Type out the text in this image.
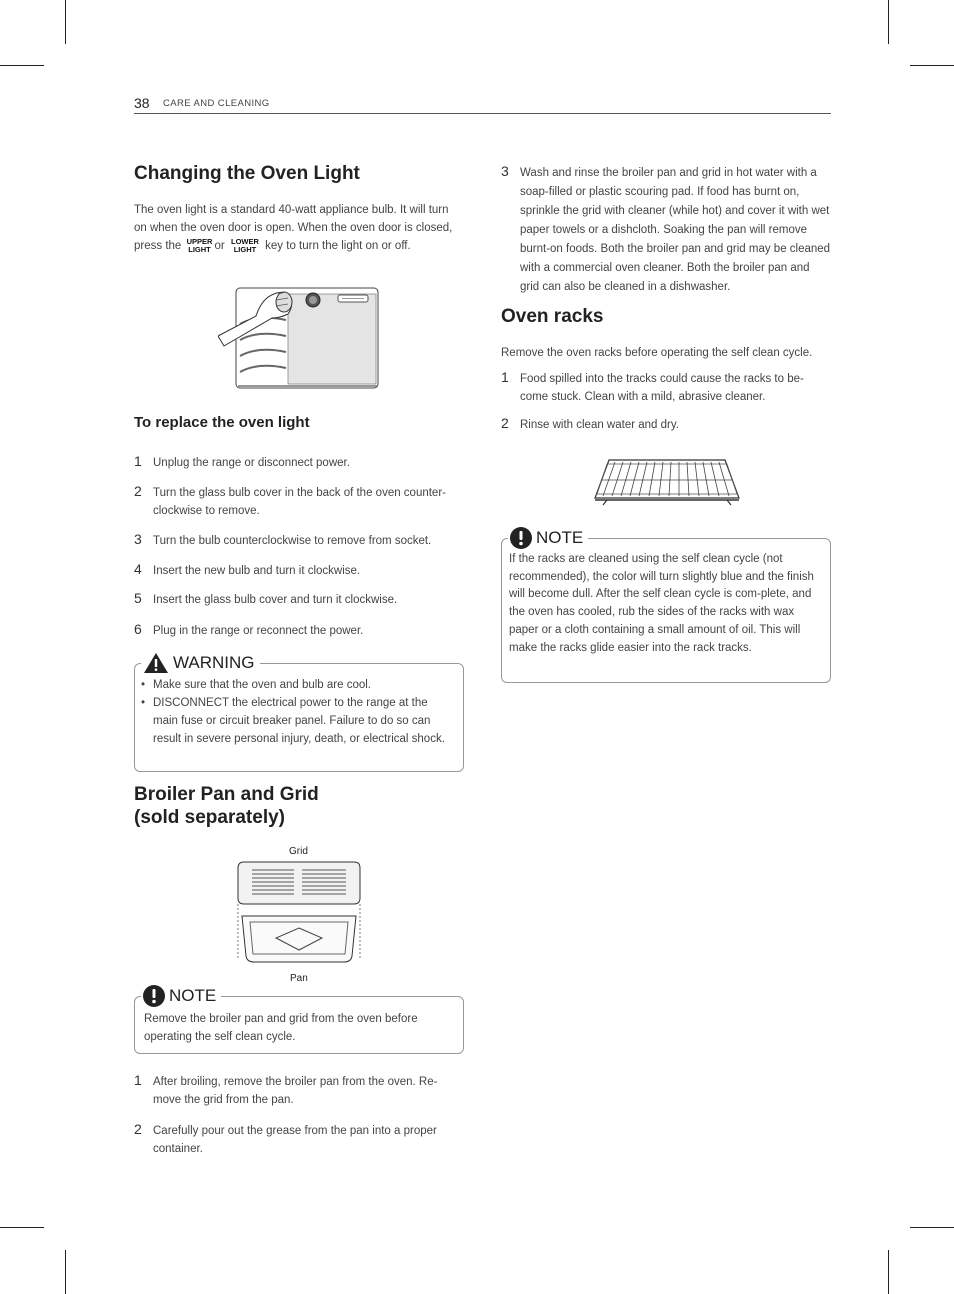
38 CARE AND CLEANING
Changing the Oven Light
The oven light is a standard 40-watt appliance bulb. It will turn on when the oven door is open. When the oven door is closed, press the UPPER LIGHT or LOWER LIGHT key to turn the light on or off.
To replace the oven light
1 Unplug the range or disconnect power.
2 Turn the glass bulb cover in the back of the oven counter-clockwise to remove.
3 Turn the bulb counterclockwise to remove from socket.
4 Insert the new bulb and turn it clockwise.
5 Insert the glass bulb cover and turn it clockwise.
6 Plug in the range or reconnect the power.
WARNING
• Make sure that the oven and bulb are cool.
• DISCONNECT the electrical power to the range at the main fuse or circuit breaker panel. Failure to do so can result in severe personal injury, death, or electrical shock.
Broiler Pan and Grid
(sold separately)
Grid
Pan
NOTE
Remove the broiler pan and grid from the oven before operating the self clean cycle.
1 After broiling, remove the broiler pan from the oven. Re-move the grid from the pan.
2 Carefully pour out the grease from the pan into a proper container.
3 Wash and rinse the broiler pan and grid in hot water with a soap-filled or plastic scouring pad. If food has burnt on, sprinkle the grid with cleaner (while hot) and cover it with wet paper towels or a dishcloth. Soaking the pan will remove burnt-on foods. Both the broiler pan and grid may be cleaned with a commercial oven cleaner. Both the broiler pan and grid can also be cleaned in a dishwasher.
Oven racks
Remove the oven racks before operating the self clean cycle.
1 Food spilled into the tracks could cause the racks to be-come stuck. Clean with a mild, abrasive cleaner.
2 Rinse with clean water and dry.
NOTE
If the racks are cleaned using the self clean cycle (not recommended), the color will turn slightly blue and the finish will become dull. After the self clean cycle is com-plete, and the oven has cooled, rub the sides of the racks with wax paper or a cloth containing a small amount of oil. This will make the racks glide easier into the rack tracks.
